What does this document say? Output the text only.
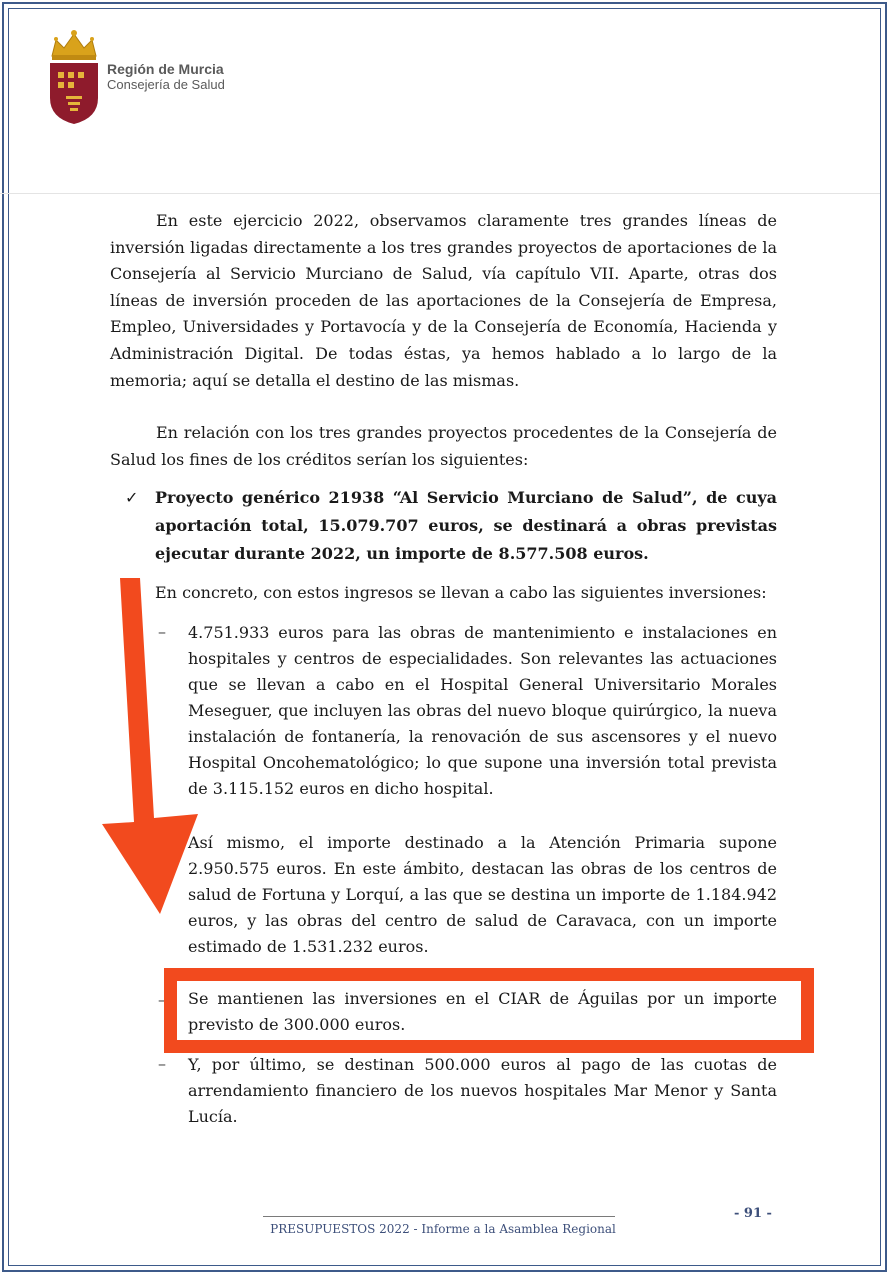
Región de Murcia
Consejería de Salud

En este ejercicio 2022, observamos claramente tres grandes líneas de inversión ligadas directamente a los tres grandes proyectos de aportaciones de la Consejería al Servicio Murciano de Salud, vía capítulo VII. Aparte, otras dos líneas de inversión proceden de las aportaciones de la Consejería de Empresa, Empleo, Universidades y Portavocía y de la Consejería de Economía, Hacienda y Administración Digital. De todas éstas, ya hemos hablado a lo largo de la memoria; aquí se detalla el destino de las mismas.

En relación con los tres grandes proyectos procedentes de la Consejería de Salud los fines de los créditos serían los siguientes:

✓ Proyecto genérico 21938 “Al Servicio Murciano de Salud”, de cuya aportación total, 15.079.707 euros, se destinará a obras previstas ejecutar durante 2022, un importe de 8.577.508 euros.

En concreto, con estos ingresos se llevan a cabo las siguientes inversiones:

– 4.751.933 euros para las obras de mantenimiento e instalaciones en hospitales y centros de especialidades. Son relevantes las actuaciones que se llevan a cabo en el Hospital General Universitario Morales Meseguer, que incluyen las obras del nuevo bloque quirúrgico, la nueva instalación de fontanería, la renovación de sus ascensores y el nuevo Hospital Oncohematológico; lo que supone una inversión total prevista de 3.115.152 euros en dicho hospital.

Así mismo, el importe destinado a la Atención Primaria supone 2.950.575 euros. En este ámbito, destacan las obras de los centros de salud de Fortuna y Lorquí, a las que se destina un importe de 1.184.942 euros, y las obras del centro de salud de Caravaca, con un importe estimado de 1.531.232 euros.

– Se mantienen las inversiones en el CIAR de Águilas por un importe previsto de 300.000 euros.

– Y, por último, se destinan 500.000 euros al pago de las cuotas de arrendamiento financiero de los nuevos hospitales Mar Menor y Santa Lucía.

PRESUPUESTOS 2022 - Informe a la Asamblea Regional
- 91 -
